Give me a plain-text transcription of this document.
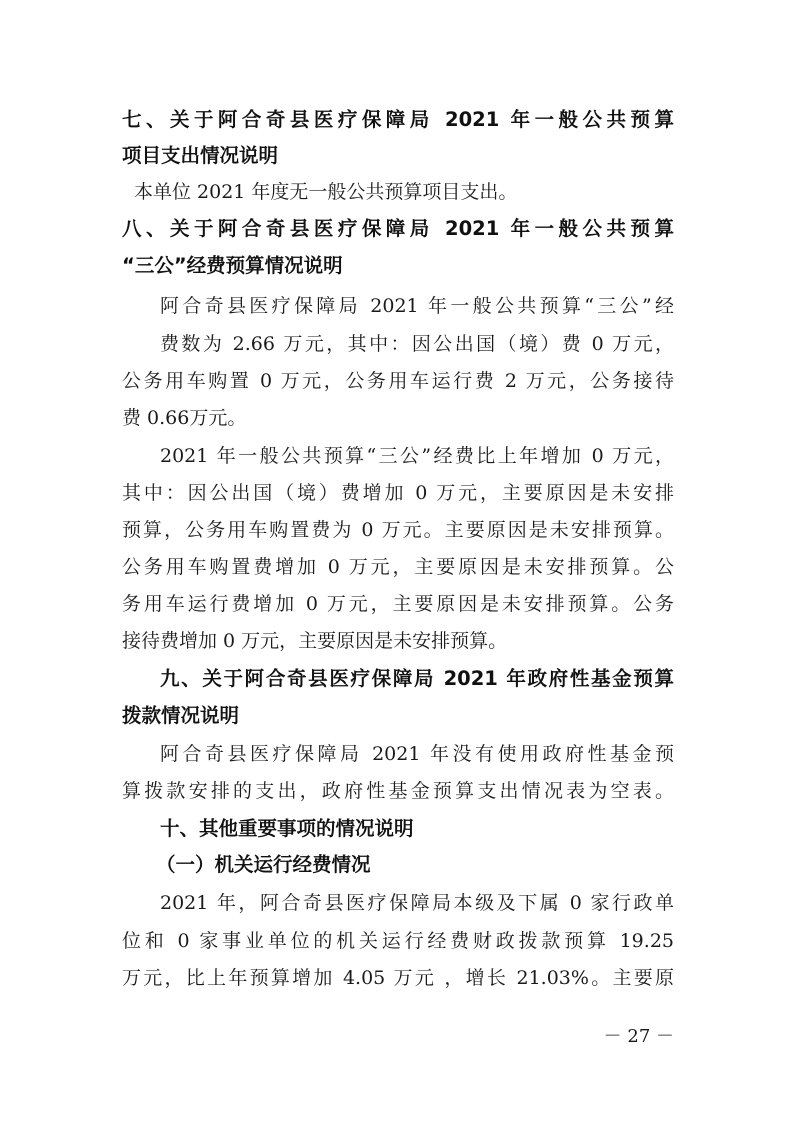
七、关于阿合奇县医疗保障局 2021 年一般公共预算

项目支出情况说明

本单位 2021 年度无一般公共预算项目支出。

八、关于阿合奇县医疗保障局 2021 年一般公共预算

“三公”经费预算情况说明

阿合奇县医疗保障局 2021 年一般公共预算“三公”经

费数为 2.66 万元，其中：因公出国（境）费 0 万元，

公务用车购置 0 万元，公务用车运行费 2 万元，公务接待

费 0.66万元。

2021 年一般公共预算“三公”经费比上年增加 0 万元，

其中：因公出国（境）费增加 0 万元，主要原因是未安排

预算，公务用车购置费为 0 万元。主要原因是未安排预算。

公务用车购置费增加 0 万元，主要原因是未安排预算。公

务用车运行费增加 0 万元，主要原因是未安排预算。公务

接待费增加 0 万元，主要原因是未安排预算。

九、关于阿合奇县医疗保障局 2021 年政府性基金预算

拨款情况说明

阿合奇县医疗保障局 2021 年没有使用政府性基金预

算拨款安排的支出，政府性基金预算支出情况表为空表。

十、其他重要事项的情况说明

（一）机关运行经费情况

2021 年，阿合奇县医疗保障局本级及下属 0 家行政单

位和 0 家事业单位的机关运行经费财政拨款预算 19.25

万元，比上年预算增加 4.05 万元 ，增长 21.03%。主要原

－ 27 －
